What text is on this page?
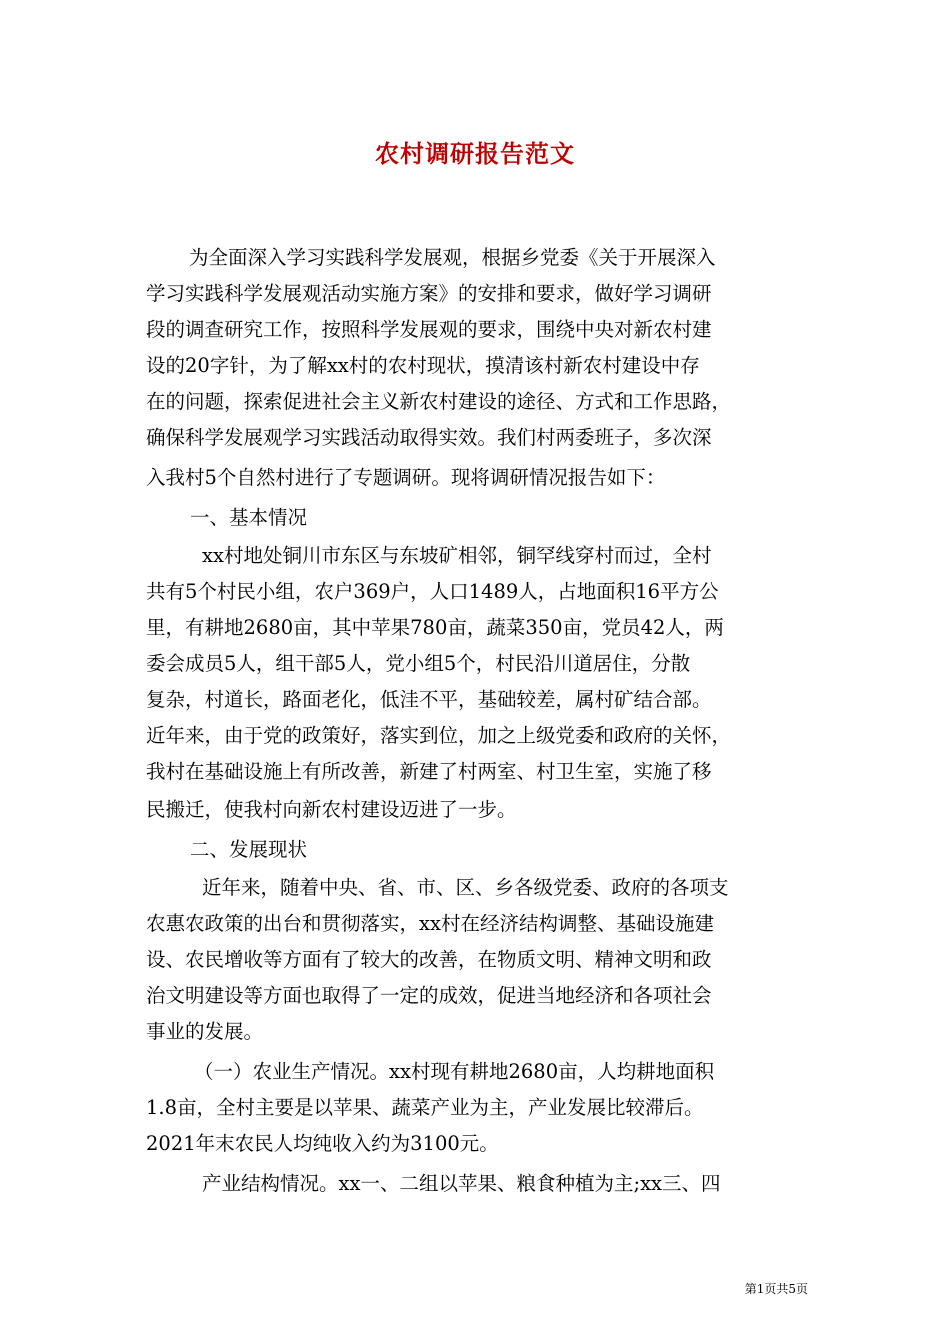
农村调研报告范文
为全面深入学习实践科学发展观，根据乡党委《关于开展深入
学习实践科学发展观活动实施方案》的安排和要求，做好学习调研
段的调查研究工作，按照科学发展观的要求，围绕中央对新农村建
设的20字针，为了解xx村的农村现状，摸清该村新农村建设中存
在的问题，探索促进社会主义新农村建设的途径、方式和工作思路，
确保科学发展观学习实践活动取得实效。我们村两委班子，多次深
入我村5个自然村进行了专题调研。现将调研情况报告如下：
一、基本情况
xx村地处铜川市东区与东坡矿相邻，铜罕线穿村而过，全村
共有5个村民小组，农户369户，人口1489人，占地面积16平方公
里，有耕地2680亩，其中苹果780亩，蔬菜350亩，党员42人，两
委会成员5人，组干部5人，党小组5个，村民沿川道居住，分散
复杂，村道长，路面老化，低洼不平，基础较差，属村矿结合部。
近年来，由于党的政策好，落实到位，加之上级党委和政府的关怀，
我村在基础设施上有所改善，新建了村两室、村卫生室，实施了移
民搬迁，使我村向新农村建设迈进了一步。
二、发展现状
近年来，随着中央、省、市、区、乡各级党委、政府的各项支
农惠农政策的出台和贯彻落实，xx村在经济结构调整、基础设施建
设、农民增收等方面有了较大的改善，在物质文明、精神文明和政
治文明建设等方面也取得了一定的成效，促进当地经济和各项社会
事业的发展。
（一）农业生产情况。xx村现有耕地2680亩，人均耕地面积
1.8亩，全村主要是以苹果、蔬菜产业为主，产业发展比较滞后。
2021年末农民人均纯收入约为3100元。
产业结构情况。xx一、二组以苹果、粮食种植为主;xx三、四
第1页共5页
